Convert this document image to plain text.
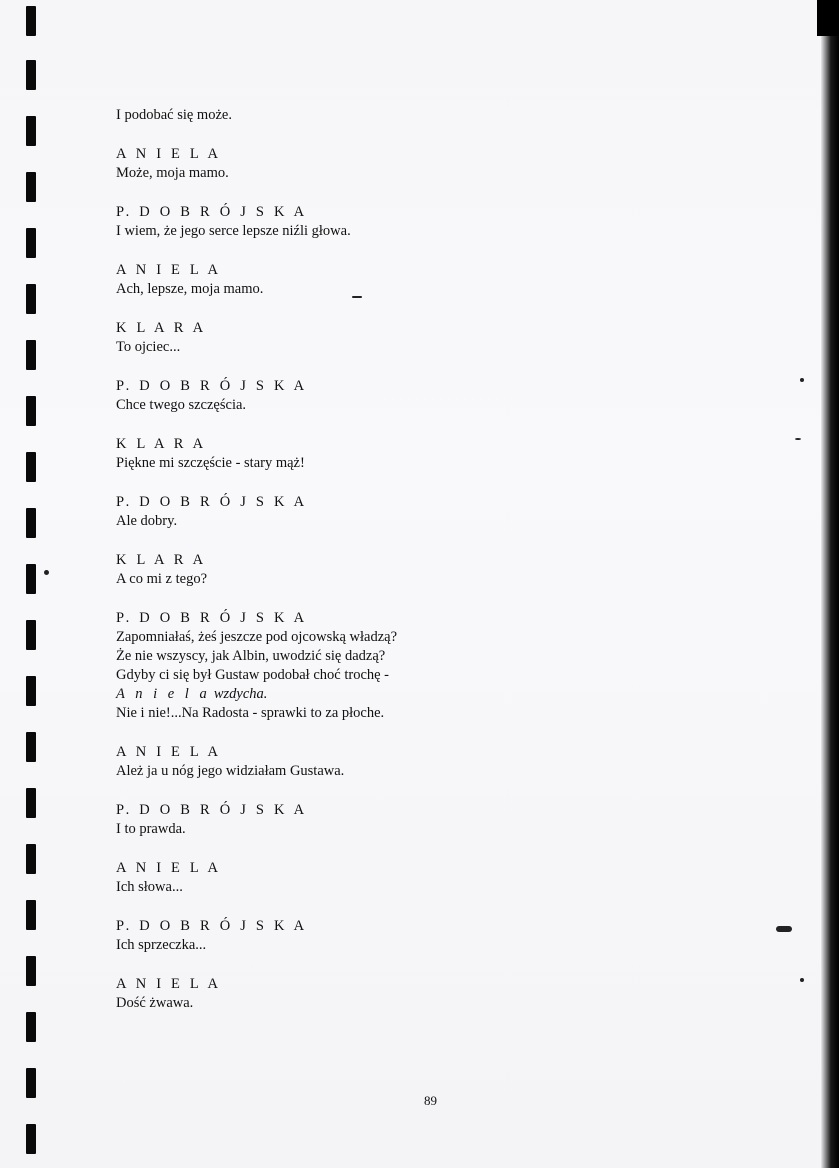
I podobać się może.
A N I E L A
Może, moja mamo.
P. D O B R Ó J S K A
I wiem, że jego serce lepsze niźli głowa.
A N I E L A
Ach, lepsze, moja mamo.
K L A R A
To ojciec...
P. D O B R Ó J S K A
Chce twego szczęścia.
K L A R A
Piękne mi szczęście - stary mąż!
P. D O B R Ó J S K A
Ale dobry.
K L A R A
A co mi z tego?
P. D O B R Ó J S K A
Zapomniałaś, żeś jeszcze pod ojcowską władzą?
Że nie wszyscy, jak Albin, uwodzić się dadzą?
Gdyby ci się był Gustaw podobał choć trochę -
A n i e l a wzdycha.
Nie i nie!...Na Radosta - sprawki to za płoche.
A N I E L A
Ależ ja u nóg jego widziałam Gustawa.
P. D O B R Ó J S K A
I to prawda.
A N I E L A
Ich słowa...
P. D O B R Ó J S K A
Ich sprzeczka...
A N I E L A
Dość żwawa.
89
